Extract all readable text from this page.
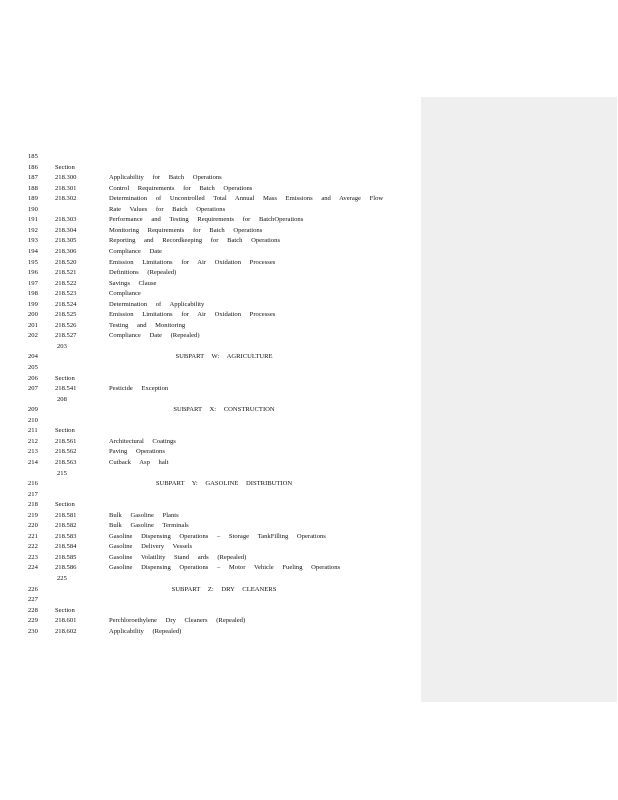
185
186	Section
187	218.300	Applicability for Batch Operations
188	218.301	Control Requirements for Batch Operations
189	218.302	Determination of Uncontrolled Total Annual Mass Emissions and Average Flow
190	Rate Values for Batch Operations
191	218.303	Performance and Testing Requirements for BatchOperations
192	218.304	Monitoring Requirements for Batch Operations
193	218.305	Reporting and Recordkeeping for Batch Operations
194	218.306	Compliance Date
195	218.520	Emission Limitations for Air Oxidation Processes
196	218.521	Definitions (Repealed)
197	218.522	Savings Clause
198	218.523	Compliance
199	218.524	Determination of Applicability
200	218.525	Emission Limitations for Air Oxidation Processes
201	218.526	Testing and Monitoring
202	218.527	Compliance Date (Repealed)
203
204	SUBPART W: AGRICULTURE
205
206	Section
207	218.541	Pesticide Exception
208
209	SUBPART X: CONSTRUCTION
210
211	Section
212	218.561	Architectural Coatings
213	218.562	Paving Operations
214	218.563	Cutback Asp halt
215
216	SUBPART Y: GASOLINE DISTRIBUTION
217
218	Section
219	218.581	Bulk Gasoline Plants
220	218.582	Bulk Gasoline Terminals
221	218.583	Gasoline Dispensing Operations – Storage TankFilling Operations
222	218.584	Gasoline Delivery Vessels
223	218.585	Gasoline Volatility Stand ards (Repealed)
224	218.586	Gasoline Dispensing Operations – Motor Vehicle Fueling Operations
225
226	SUBPART Z: DRY CLEANERS
227
228	Section
229	218.601	Perchloroethylene Dry Cleaners (Repealed)
230	218.602	Applicability (Repealed)
